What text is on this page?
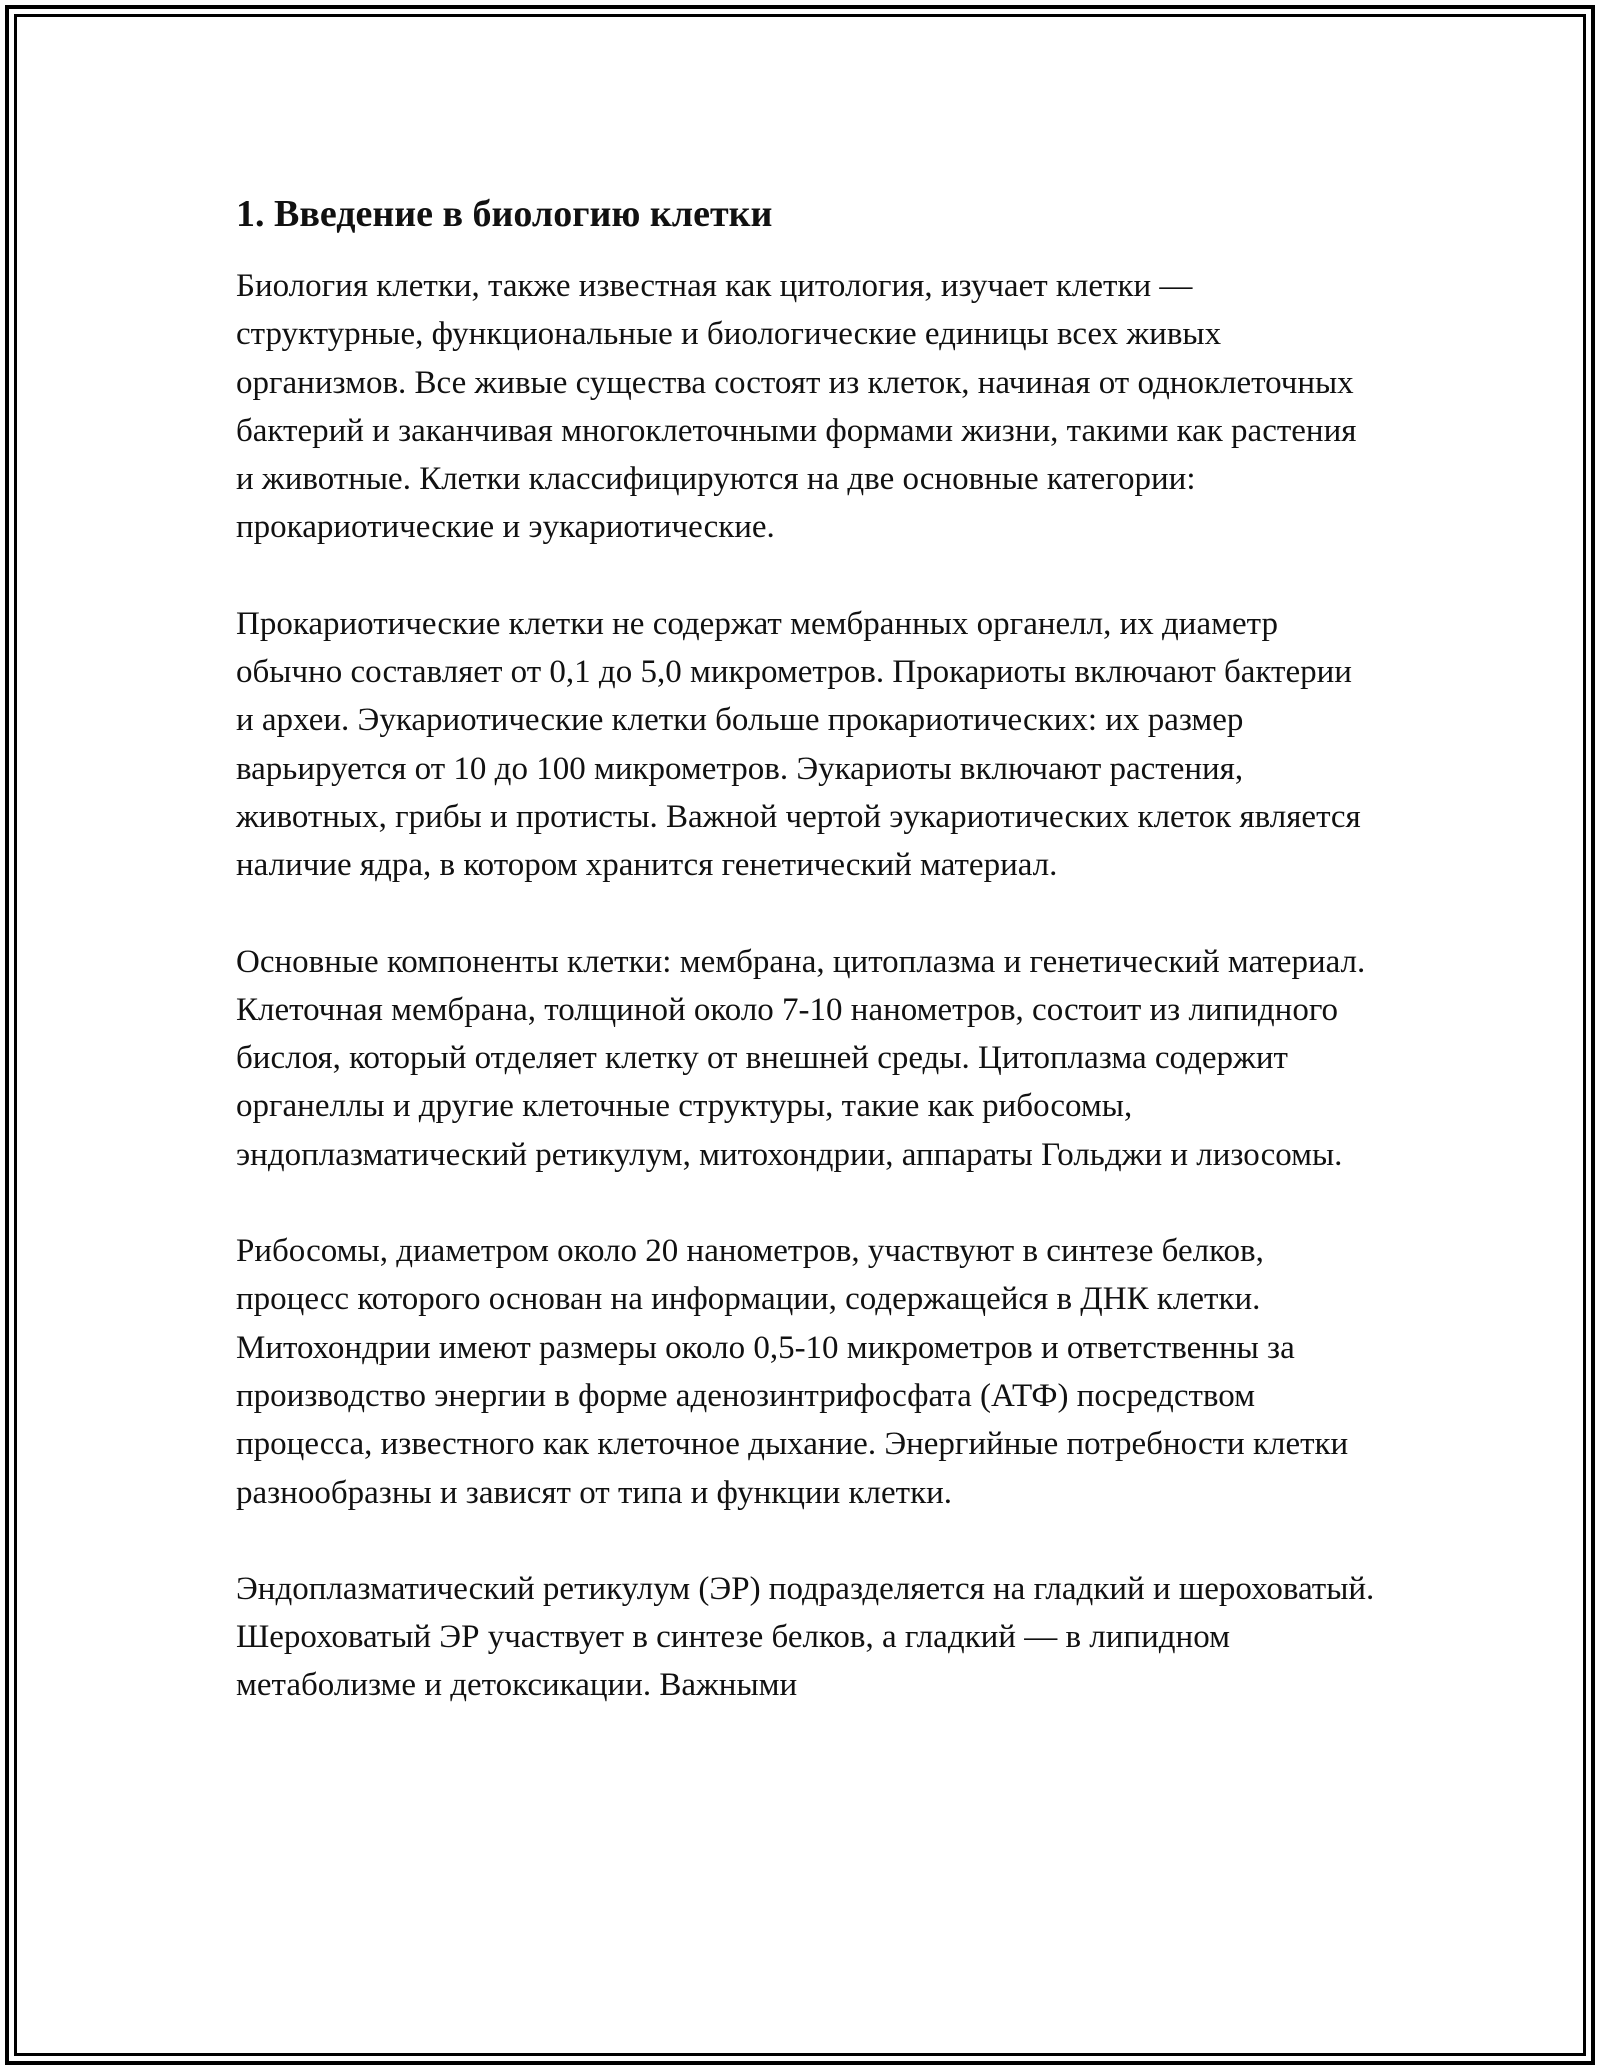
1. Введение в биологию клетки

Биология клетки, также известная как цитология, изучает клетки — структурные, функциональные и биологические единицы всех живых организмов. Все живые существа состоят из клеток, начиная от одноклеточных бактерий и заканчивая многоклеточными формами жизни, такими как растения и животные. Клетки классифицируются на две основные категории: прокариотические и эукариотические.

Прокариотические клетки не содержат мембранных органелл, их диаметр обычно составляет от 0,1 до 5,0 микрометров. Прокариоты включают бактерии и археи. Эукариотические клетки больше прокариотических: их размер варьируется от 10 до 100 микрометров. Эукариоты включают растения, животных, грибы и протисты. Важной чертой эукариотических клеток является наличие ядра, в котором хранится генетический материал.

Основные компоненты клетки: мембрана, цитоплазма и генетический материал. Клеточная мембрана, толщиной около 7-10 нанометров, состоит из липидного бислоя, который отделяет клетку от внешней среды. Цитоплазма содержит органеллы и другие клеточные структуры, такие как рибосомы, эндоплазматический ретикулум, митохондрии, аппараты Гольджи и лизосомы.

Рибосомы, диаметром около 20 нанометров, участвуют в синтезе белков, процесс которого основан на информации, содержащейся в ДНК клетки. Митохондрии имеют размеры около 0,5-10 микрометров и ответственны за производство энергии в форме аденозинтрифосфата (АТФ) посредством процесса, известного как клеточное дыхание. Энергийные потребности клетки разнообразны и зависят от типа и функции клетки.

Эндоплазматический ретикулум (ЭР) подразделяется на гладкий и шероховатый. Шероховатый ЭР участвует в синтезе белков, а гладкий — в липидном метаболизме и детоксикации. Важными
